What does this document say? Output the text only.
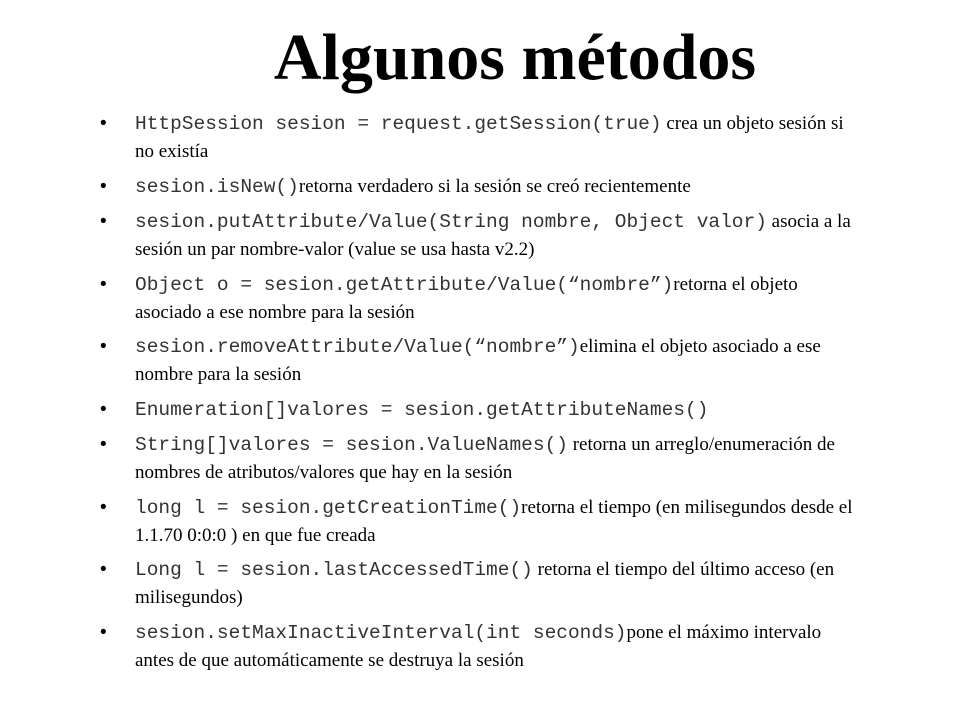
Algunos métodos
• HttpSession sesion = request.getSession(true) crea un objeto sesión si no existía
• sesion.isNew()retorna verdadero si la sesión se creó recientemente
• sesion.putAttribute/Value(String nombre, Object valor) asocia a la sesión un par nombre-valor (value se usa hasta v2.2)
• Object o = sesion.getAttribute/Value(“nombre”)retorna el objeto asociado a ese nombre para la sesión
• sesion.removeAttribute/Value(“nombre”)elimina el objeto asociado a ese nombre para la sesión
• Enumeration[]valores = sesion.getAttributeNames()
• String[]valores = sesion.ValueNames() retorna un arreglo/enumeración de nombres de atributos/valores que hay en la sesión
• long l = sesion.getCreationTime()retorna el tiempo (en milisegundos desde el 1.1.70 0:0:0 ) en que fue creada
• Long l = sesion.lastAccessedTime() retorna el tiempo del último acceso (en milisegundos)
• sesion.setMaxInactiveInterval(int seconds)pone el máximo intervalo antes de que automáticamente se destruya la sesión
